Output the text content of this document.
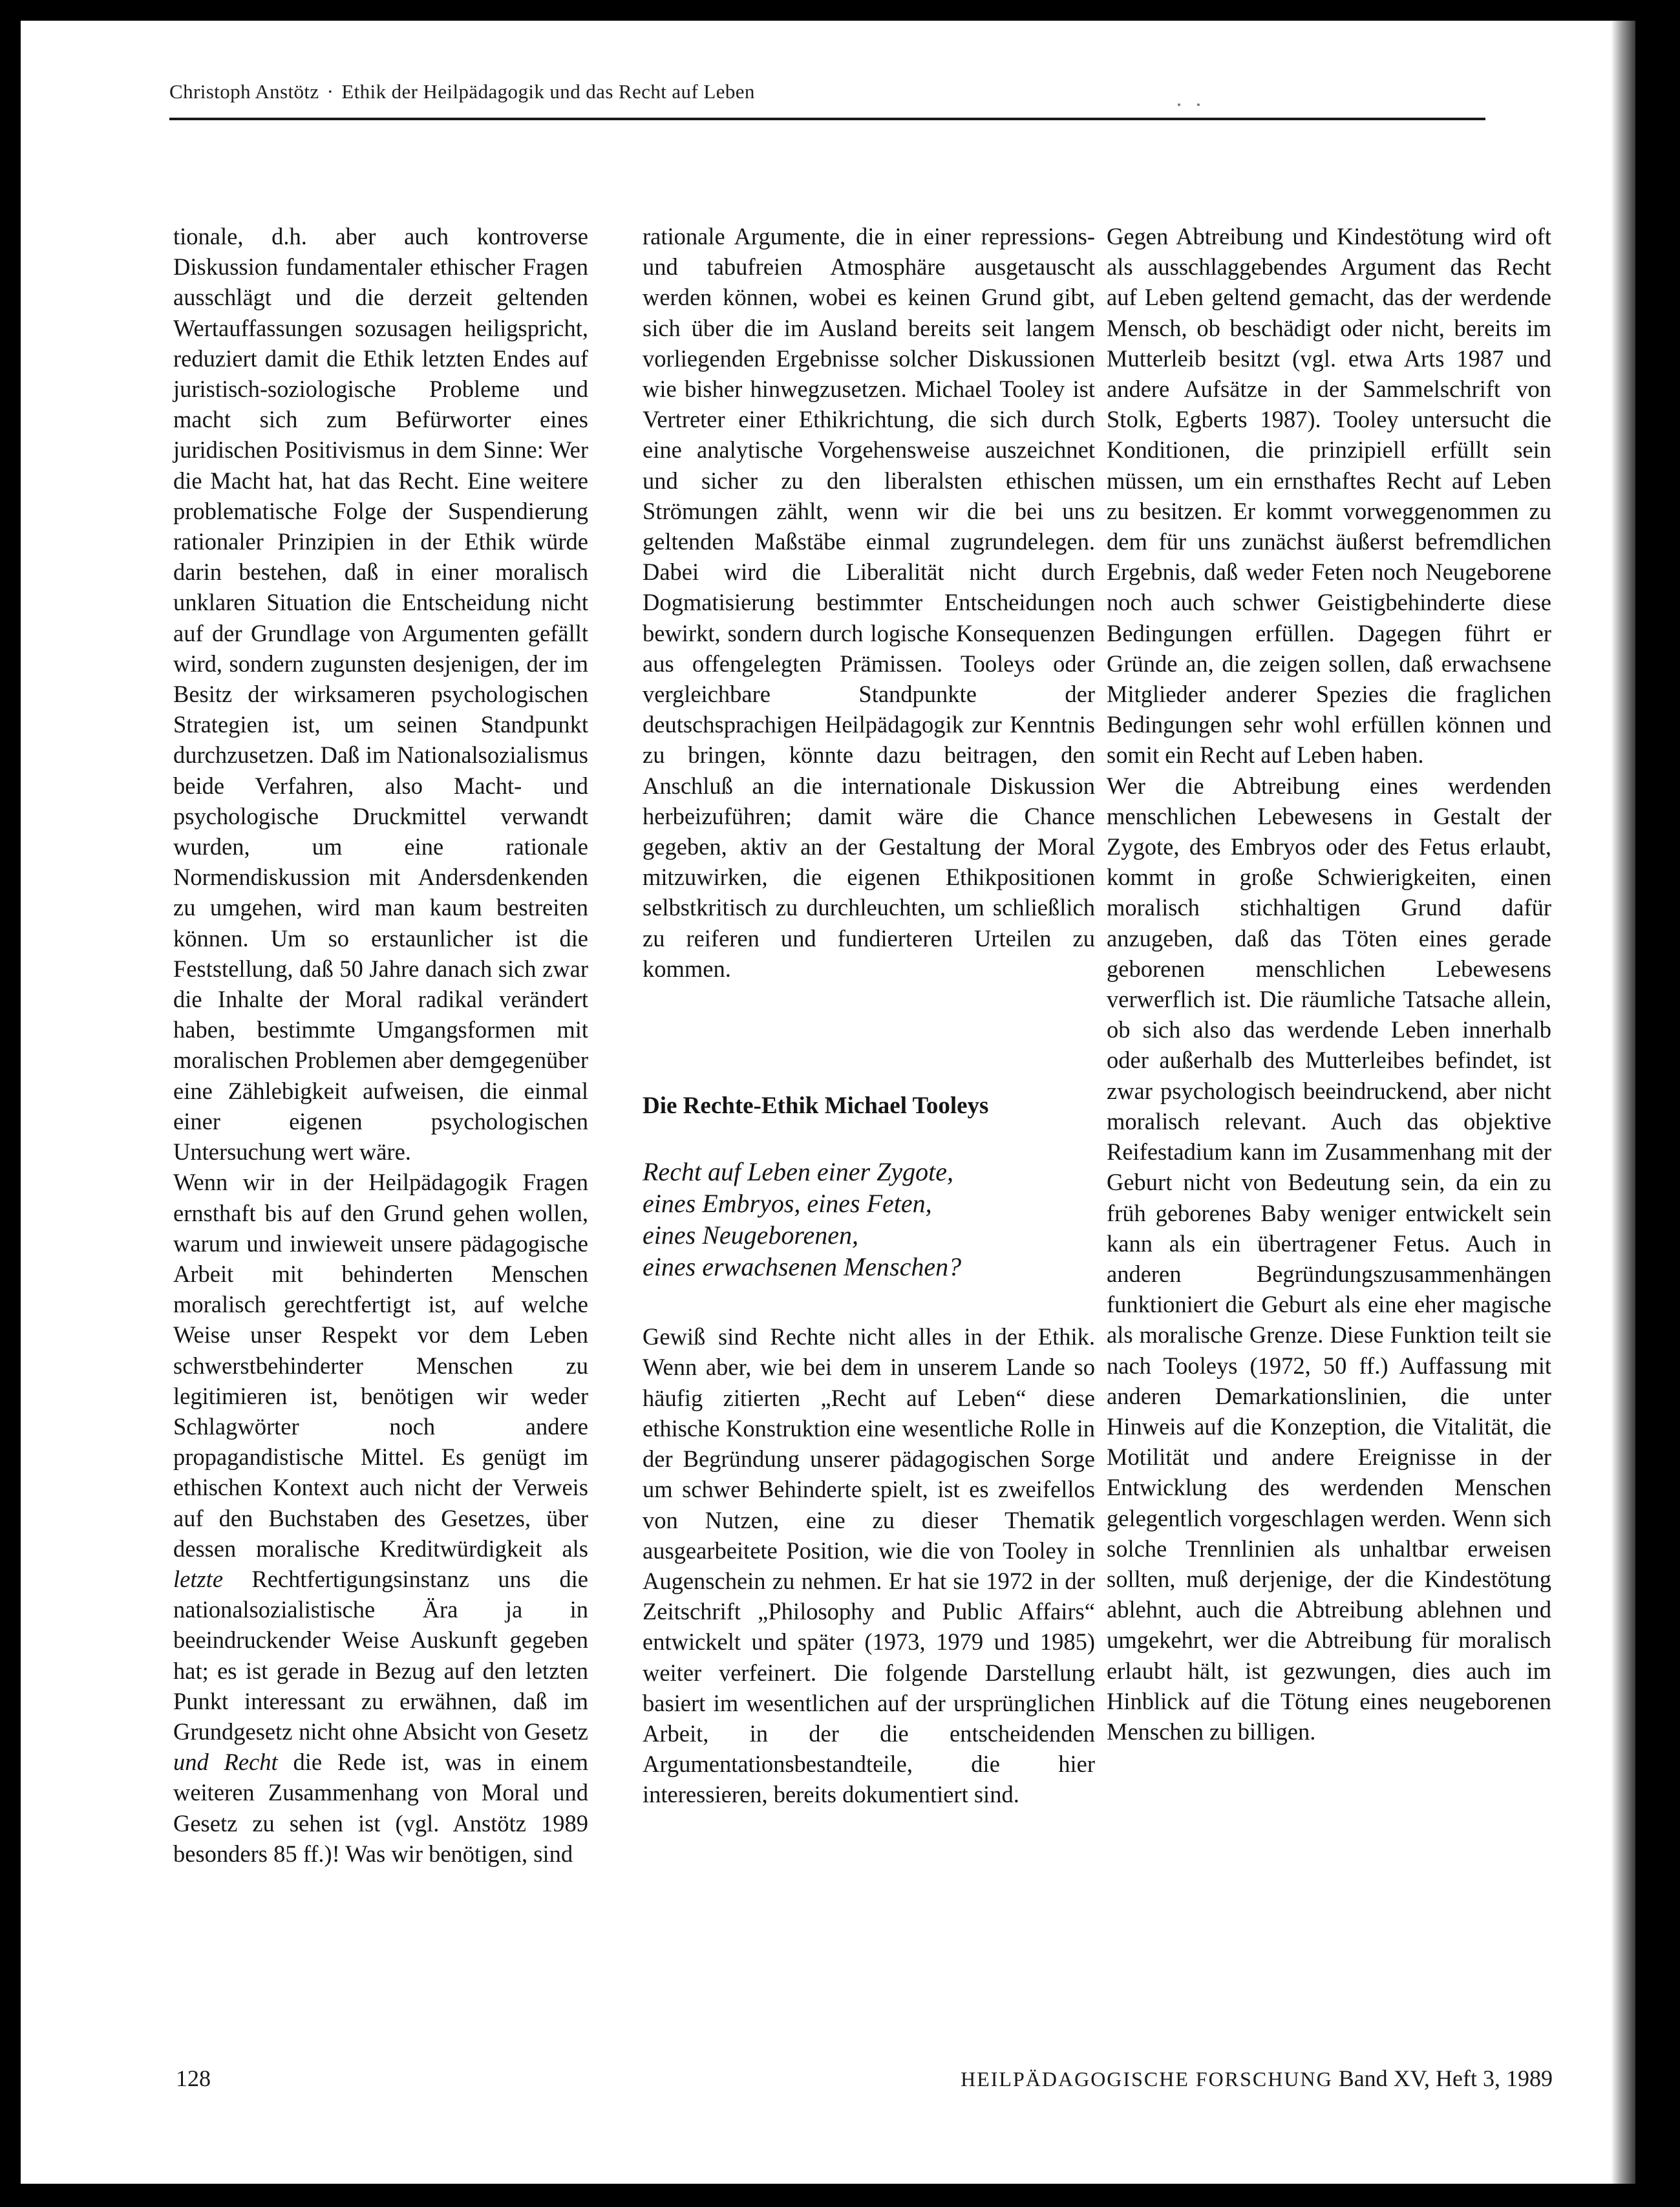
Christoph Anstötz · Ethik der Heilpädagogik und das Recht auf Leben

tionale, d.h. aber auch kontroverse Diskussion fundamentaler ethischer Fragen ausschlägt und die derzeit geltenden Wertauffassungen sozusagen heiligspricht, reduziert damit die Ethik letzten Endes auf juristisch-soziologische Probleme und macht sich zum Befürworter eines juridischen Positivismus in dem Sinne: Wer die Macht hat, hat das Recht. Eine weitere problematische Folge der Suspendierung rationaler Prinzipien in der Ethik würde darin bestehen, daß in einer moralisch unklaren Situation die Entscheidung nicht auf der Grundlage von Argumenten gefällt wird, sondern zugunsten desjenigen, der im Besitz der wirksameren psychologischen Strategien ist, um seinen Standpunkt durchzusetzen. Daß im Nationalsozialismus beide Verfahren, also Macht- und psychologische Druckmittel verwandt wurden, um eine rationale Normendiskussion mit Andersdenkenden zu umgehen, wird man kaum bestreiten können. Um so erstaunlicher ist die Feststellung, daß 50 Jahre danach sich zwar die Inhalte der Moral radikal verändert haben, bestimmte Umgangsformen mit moralischen Problemen aber demgegenüber eine Zählebigkeit aufweisen, die einmal einer eigenen psychologischen Untersuchung wert wäre.

Wenn wir in der Heilpädagogik Fragen ernsthaft bis auf den Grund gehen wollen, warum und inwieweit unsere pädagogische Arbeit mit behinderten Menschen moralisch gerechtfertigt ist, auf welche Weise unser Respekt vor dem Leben schwerstbehinderter Menschen zu legitimieren ist, benötigen wir weder Schlagwörter noch andere propagandistische Mittel. Es genügt im ethischen Kontext auch nicht der Verweis auf den Buchstaben des Gesetzes, über dessen moralische Kreditwürdigkeit als letzte Rechtfertigungsinstanz uns die nationalsozialistische Ära ja in beeindruckender Weise Auskunft gegeben hat; es ist gerade in Bezug auf den letzten Punkt interessant zu erwähnen, daß im Grundgesetz nicht ohne Absicht von Gesetz und Recht die Rede ist, was in einem weiteren Zusammenhang von Moral und Gesetz zu sehen ist (vgl. Anstötz 1989 besonders 85 ff.)! Was wir benötigen, sind

rationale Argumente, die in einer repressions- und tabufreien Atmosphäre ausgetauscht werden können, wobei es keinen Grund gibt, sich über die im Ausland bereits seit langem vorliegenden Ergebnisse solcher Diskussionen wie bisher hinwegzusetzen. Michael Tooley ist Vertreter einer Ethikrichtung, die sich durch eine analytische Vorgehensweise auszeichnet und sicher zu den liberalsten ethischen Strömungen zählt, wenn wir die bei uns geltenden Maßstäbe einmal zugrundelegen. Dabei wird die Liberalität nicht durch Dogmatisierung bestimmter Entscheidungen bewirkt, sondern durch logische Konsequenzen aus offengelegten Prämissen. Tooleys oder vergleichbare Standpunkte der deutschsprachigen Heilpädagogik zur Kenntnis zu bringen, könnte dazu beitragen, den Anschluß an die internationale Diskussion herbeizuführen; damit wäre die Chance gegeben, aktiv an der Gestaltung der Moral mitzuwirken, die eigenen Ethikpositionen selbstkritisch zu durchleuchten, um schließlich zu reiferen und fundierteren Urteilen zu kommen.

Die Rechte-Ethik Michael Tooleys

Recht auf Leben einer Zygote,
eines Embryos, eines Feten,
eines Neugeborenen,
eines erwachsenen Menschen?

Gewiß sind Rechte nicht alles in der Ethik. Wenn aber, wie bei dem in unserem Lande so häufig zitierten „Recht auf Leben“ diese ethische Konstruktion eine wesentliche Rolle in der Begründung unserer pädagogischen Sorge um schwer Behinderte spielt, ist es zweifellos von Nutzen, eine zu dieser Thematik ausgearbeitete Position, wie die von Tooley in Augenschein zu nehmen. Er hat sie 1972 in der Zeitschrift „Philosophy and Public Affairs“ entwickelt und später (1973, 1979 und 1985) weiter verfeinert. Die folgende Darstellung basiert im wesentlichen auf der ursprünglichen Arbeit, in der die entscheidenden Argumentationsbestandteile, die hier interessieren, bereits dokumentiert sind.

Gegen Abtreibung und Kindestötung wird oft als ausschlaggebendes Argument das Recht auf Leben geltend gemacht, das der werdende Mensch, ob beschädigt oder nicht, bereits im Mutterleib besitzt (vgl. etwa Arts 1987 und andere Aufsätze in der Sammelschrift von Stolk, Egberts 1987). Tooley untersucht die Konditionen, die prinzipiell erfüllt sein müssen, um ein ernsthaftes Recht auf Leben zu besitzen. Er kommt vorweggenommen zu dem für uns zunächst äußerst befremdlichen Ergebnis, daß weder Feten noch Neugeborene noch auch schwer Geistigbehinderte diese Bedingungen erfüllen. Dagegen führt er Gründe an, die zeigen sollen, daß erwachsene Mitglieder anderer Spezies die fraglichen Bedingungen sehr wohl erfüllen können und somit ein Recht auf Leben haben.

Wer die Abtreibung eines werdenden menschlichen Lebewesens in Gestalt der Zygote, des Embryos oder des Fetus erlaubt, kommt in große Schwierigkeiten, einen moralisch stichhaltigen Grund dafür anzugeben, daß das Töten eines gerade geborenen menschlichen Lebewesens verwerflich ist. Die räumliche Tatsache allein, ob sich also das werdende Leben innerhalb oder außerhalb des Mutterleibes befindet, ist zwar psychologisch beeindruckend, aber nicht moralisch relevant. Auch das objektive Reifestadium kann im Zusammenhang mit der Geburt nicht von Bedeutung sein, da ein zu früh geborenes Baby weniger entwickelt sein kann als ein übertragener Fetus. Auch in anderen Begründungszusammenhängen funktioniert die Geburt als eine eher magische als moralische Grenze. Diese Funktion teilt sie nach Tooleys (1972, 50 ff.) Auffassung mit anderen Demarkationslinien, die unter Hinweis auf die Konzeption, die Vitalität, die Motilität und andere Ereignisse in der Entwicklung des werdenden Menschen gelegentlich vorgeschlagen werden. Wenn sich solche Trennlinien als unhaltbar erweisen sollten, muß derjenige, der die Kindestötung ablehnt, auch die Abtreibung ablehnen und umgekehrt, wer die Abtreibung für moralisch erlaubt hält, ist gezwungen, dies auch im Hinblick auf die Tötung eines neugeborenen Menschen zu billigen.

128	HEILPÄDAGOGISCHE FORSCHUNG Band XV, Heft 3, 1989
